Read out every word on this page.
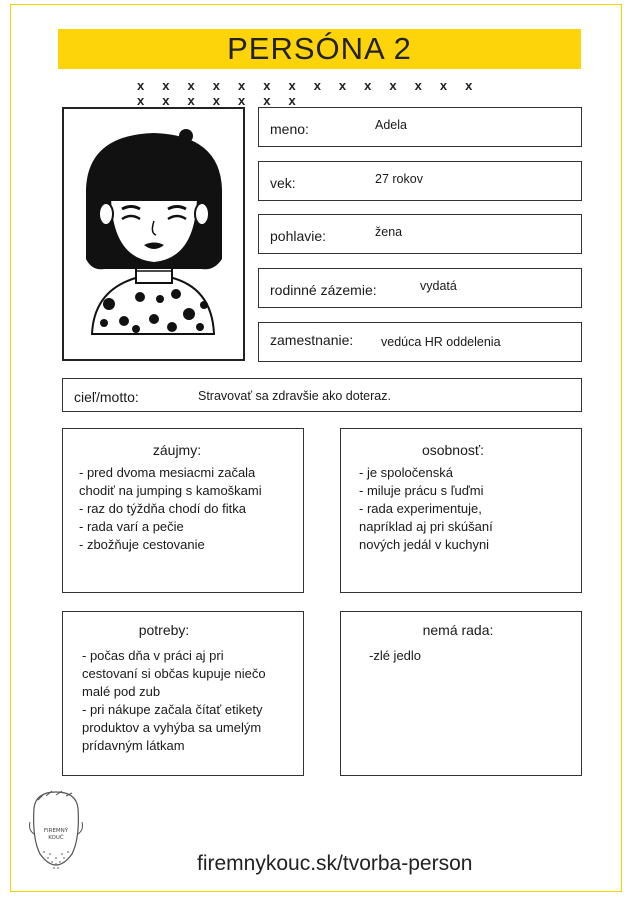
PERSÓNA 2
x x x x x x x x x x x x x x x x x x x x x
meno:	Adela
vek:	27 rokov
pohlavie:	žena
rodinné zázemie:	vydatá
zamestnanie: vedúca HR oddelenia
cieľ/motto:	Stravovať sa zdravšie ako doteraz.
záujmy:
- pred dvoma mesiacmi začala
chodiť na jumping s kamoškami
- raz do týždňa chodí do fitka
- rada varí a pečie
- zbožňuje cestovanie
osobnosť:
- je spoločenská
- miluje prácu s ľuďmi
- rada experimentuje,
napríklad aj pri skúšaní
nových jedál v kuchyni
potreby:
- počas dňa v práci aj pri
cestovaní si občas kupuje niečo
malé pod zub
- pri nákupe začala čítať etikety
produktov a vyhýba sa umelým
prídavným látkam
nemá rada:
-zlé jedlo
FIREMNÝ
KOUČ
firemnykouc.sk/tvorba-person
